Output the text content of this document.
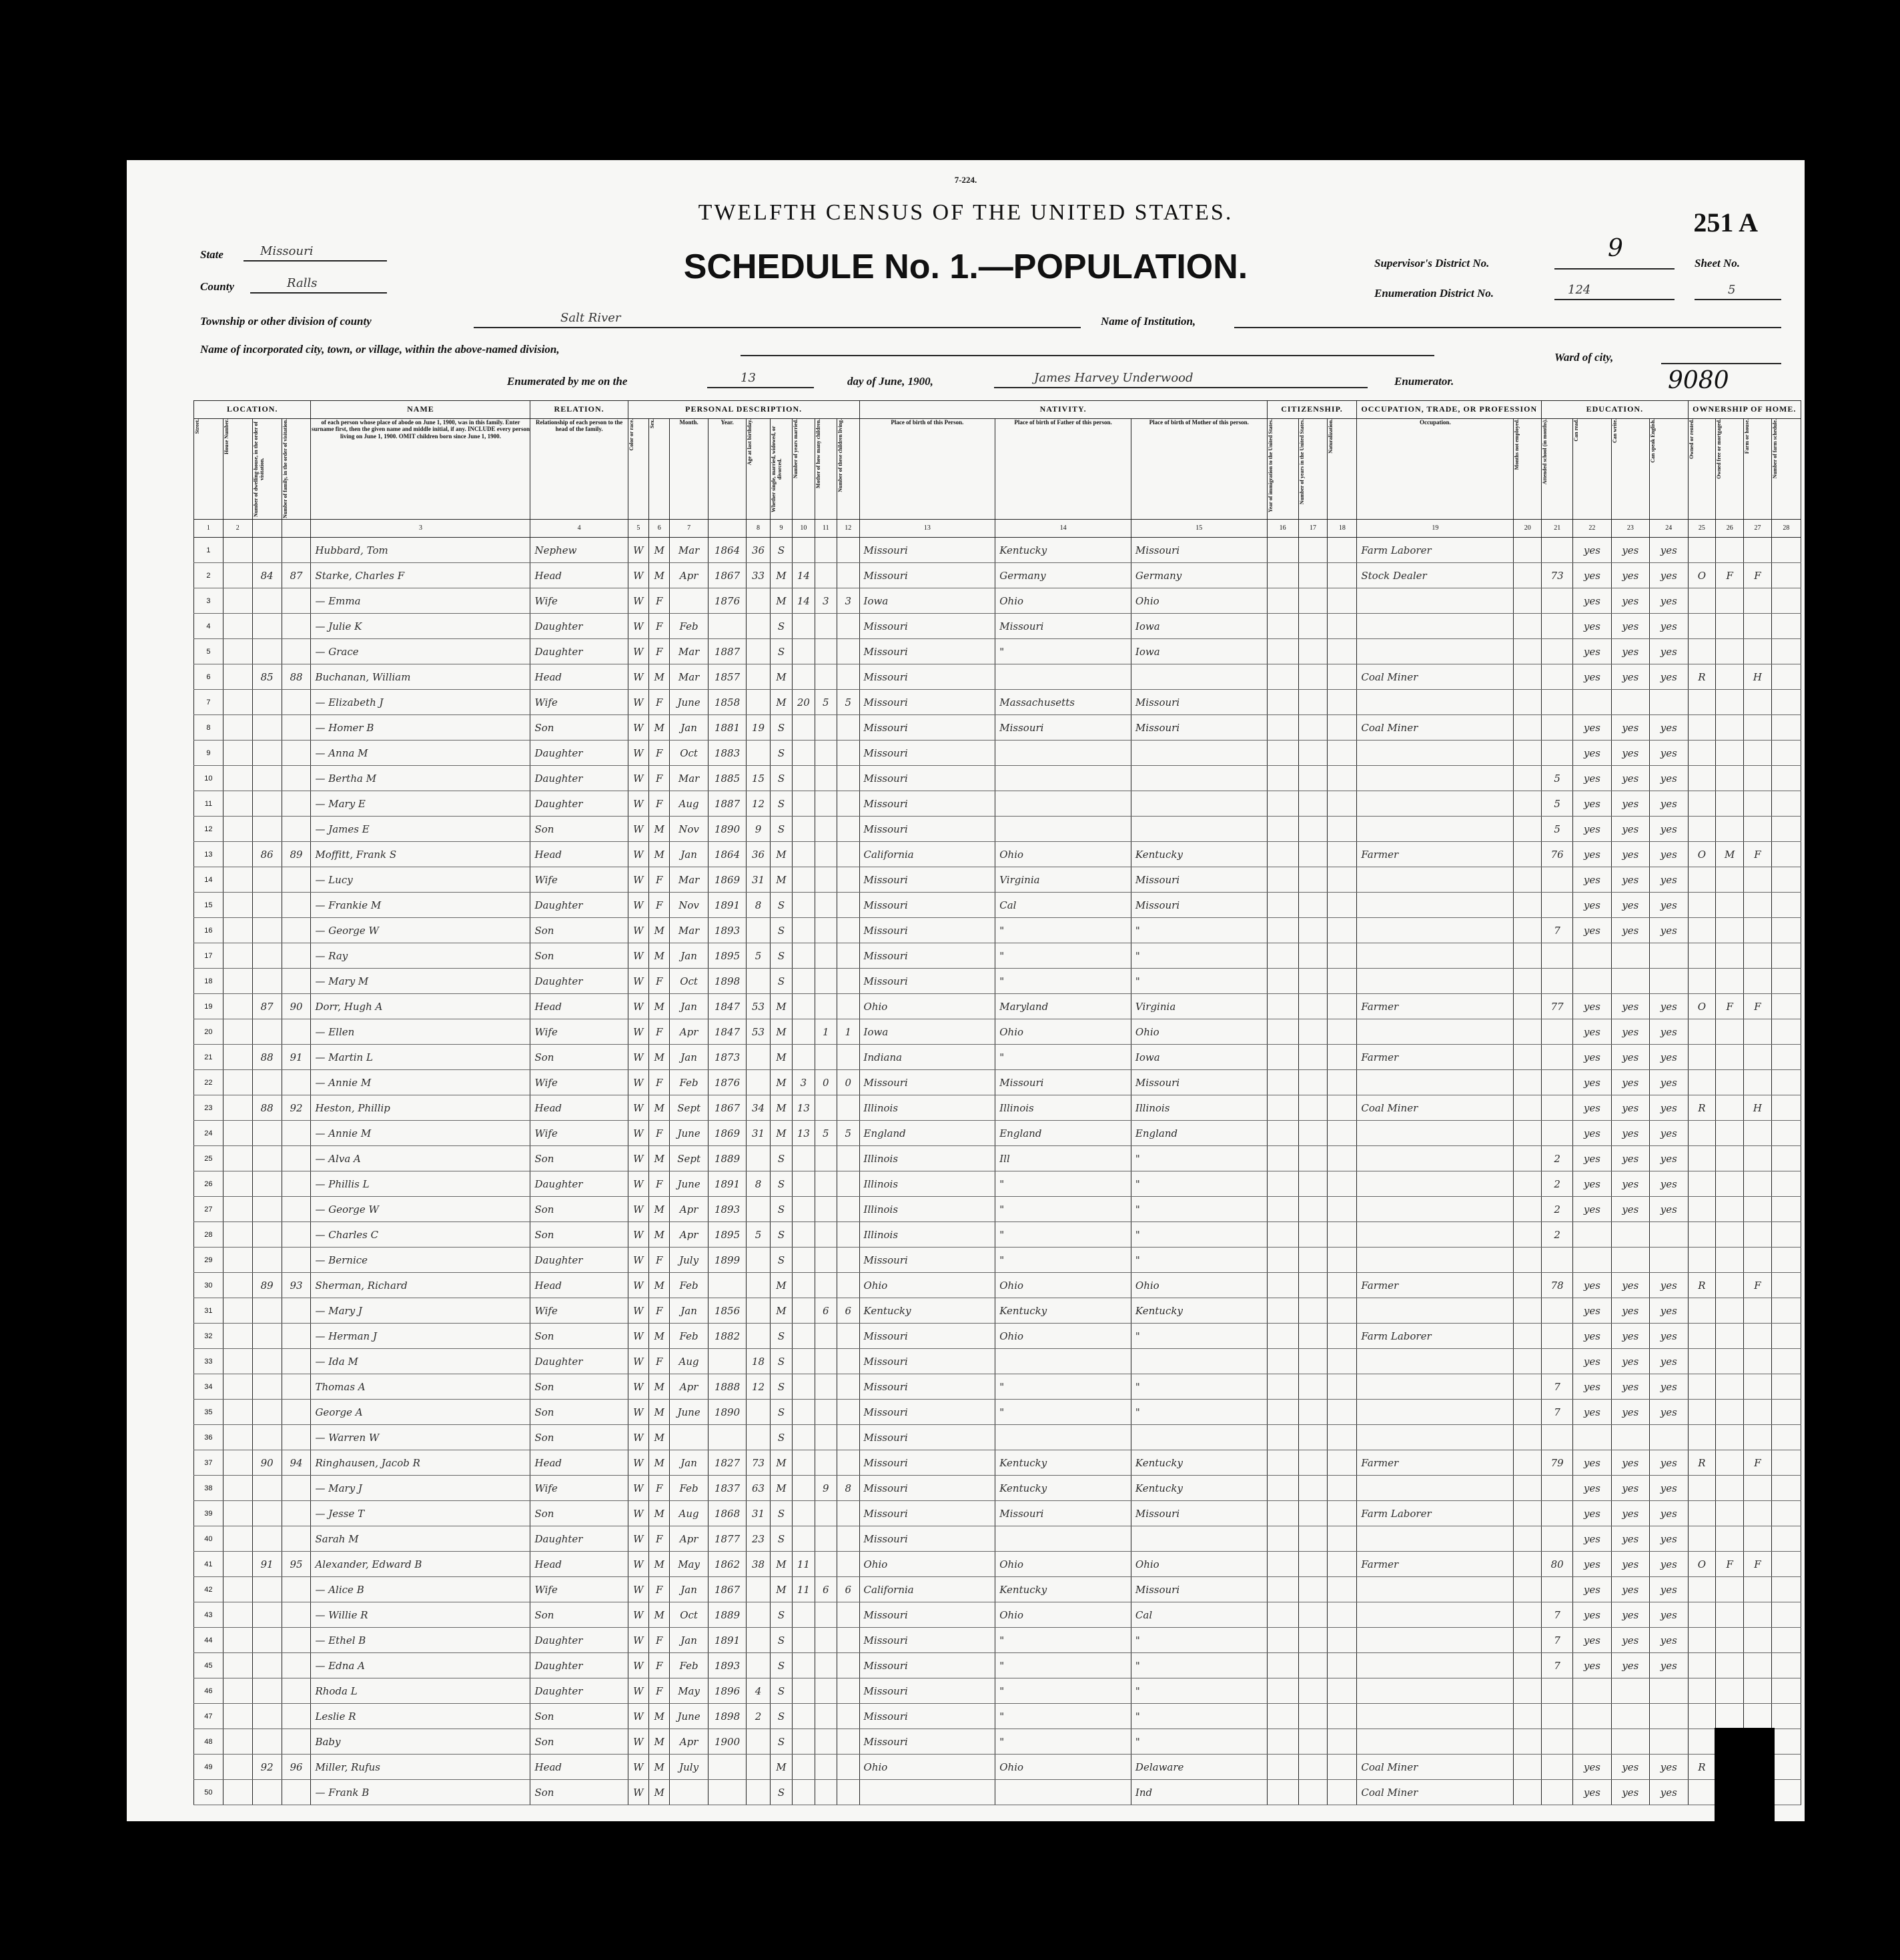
7-224.
TWELFTH CENSUS OF THE UNITED STATES.	251 A
SCHEDULE No. 1.—POPULATION.
State	Missouri
County	Ralls
Supervisor's District No.
9
Sheet No.
Enumeration District No.	124	5
Township or other division of county	Salt River	Name of Institution,
Name of incorporated city, town, or village, within the above-named division,
Ward of city,
Enumerated by me on the	13	day of June, 1900,	James Harvey Underwood	Enumerator.	9080
LOCATION.				NAME	RELATION.	PERSONAL DESCRIPTION.									NATIVITY.			CITIZENSHIP.			OCCUPATION, TRADE, OR PROFESSION		EDUCATION.				OWNERSHIP OF HOME.			

Street.	House Number.	Number of dwelling-house, in the order of visitation.	Number of family, in the order of visitation.	of each person whose place of abode on June 1, 1900, was in this family. Enter surname first, then the given name and middle initial, if any. INCLUDE every person living on June 1, 1900. OMIT children born since June 1, 1900.	Relationship of each person to the head of the family.	Color or race.	Sex.	Month.	Year.	Age at last birthday.	Whether single, married, widowed, or divorced.	Number of years married.	Mother of how many children.	Number of these children living.	Place of birth of this Person.	Place of birth of Father of this person.	Place of birth of Mother of this person.	Year of immigration to the United States.	Number of years in the United States.	Naturalization.	Occupation.	Months not employed.	Attended school (in months).	Can read.	Can write.	Can speak English.	Owned or rented.	Owned free or mortgaged.	Farm or house.	Number of farm schedule.

1	2			3	4	5	6	7		8	9	10	11	12	13	14	15	16	17	18	19	20	21	22	23	24	25	26	27	28
1				Hubbard, Tom	Nephew	W	M	Mar	1864	36	S				Missouri	Kentucky	Missouri				Farm Laborer			yes	yes	yes				
2		84	87	Starke, Charles F	Head	W	M	Apr	1867	33	M	14			Missouri	Germany	Germany				Stock Dealer		73	yes	yes	yes	O	F	F	
3				— Emma	Wife	W	F		1876		M	14	3	3	Iowa	Ohio	Ohio							yes	yes	yes				
4				— Julie K	Daughter	W	F	Feb			S				Missouri	Missouri	Iowa							yes	yes	yes				
5				— Grace	Daughter	W	F	Mar	1887		S				Missouri	"	Iowa							yes	yes	yes				
6		85	88	Buchanan, William	Head	W	M	Mar	1857		M				Missouri						Coal Miner			yes	yes	yes	R		H	
7				— Elizabeth J	Wife	W	F	June	1858		M	20	5	5	Missouri	Massachusetts	Missouri													
8				— Homer B	Son	W	M	Jan	1881	19	S				Missouri	Missouri	Missouri				Coal Miner			yes	yes	yes				
9				— Anna M	Daughter	W	F	Oct	1883		S				Missouri									yes	yes	yes				
10				— Bertha M	Daughter	W	F	Mar	1885	15	S				Missouri								5	yes	yes	yes				
11				— Mary E	Daughter	W	F	Aug	1887	12	S				Missouri								5	yes	yes	yes				
12				— James E	Son	W	M	Nov	1890	9	S				Missouri								5	yes	yes	yes				
13		86	89	Moffitt, Frank S	Head	W	M	Jan	1864	36	M				California	Ohio	Kentucky				Farmer		76	yes	yes	yes	O	M	F	
14				— Lucy	Wife	W	F	Mar	1869	31	M				Missouri	Virginia	Missouri							yes	yes	yes				
15				— Frankie M	Daughter	W	F	Nov	1891	8	S				Missouri	Cal	Missouri							yes	yes	yes				
16				— George W	Son	W	M	Mar	1893		S				Missouri	"	"						7	yes	yes	yes				
17				— Ray	Son	W	M	Jan	1895	5	S				Missouri	"	"													
18				— Mary M	Daughter	W	F	Oct	1898		S				Missouri	"	"													
19		87	90	Dorr, Hugh A	Head	W	M	Jan	1847	53	M				Ohio	Maryland	Virginia				Farmer		77	yes	yes	yes	O	F	F	
20				— Ellen	Wife	W	F	Apr	1847	53	M		1	1	Iowa	Ohio	Ohio							yes	yes	yes				
21		88	91	— Martin L	Son	W	M	Jan	1873		M				Indiana	"	Iowa				Farmer			yes	yes	yes				
22				— Annie M	Wife	W	F	Feb	1876		M	3	0	0	Missouri	Missouri	Missouri							yes	yes	yes				
23		88	92	Heston, Phillip	Head	W	M	Sept	1867	34	M	13			Illinois	Illinois	Illinois				Coal Miner			yes	yes	yes	R		H	
24				— Annie M	Wife	W	F	June	1869	31	M	13	5	5	England	England	England							yes	yes	yes				
25				— Alva A	Son	W	M	Sept	1889		S				Illinois	Ill	"						2	yes	yes	yes				
26				— Phillis L	Daughter	W	F	June	1891	8	S				Illinois	"	"						2	yes	yes	yes				
27				— George W	Son	W	M	Apr	1893		S				Illinois	"	"						2	yes	yes	yes				
28				— Charles C	Son	W	M	Apr	1895	5	S				Illinois	"	"						2							
29				— Bernice	Daughter	W	F	July	1899		S				Missouri	"	"													
30		89	93	Sherman, Richard	Head	W	M	Feb			M				Ohio	Ohio	Ohio				Farmer		78	yes	yes	yes	R		F	
31				— Mary J	Wife	W	F	Jan	1856		M		6	6	Kentucky	Kentucky	Kentucky							yes	yes	yes				
32				— Herman J	Son	W	M	Feb	1882		S				Missouri	Ohio	"				Farm Laborer			yes	yes	yes				
33				— Ida M	Daughter	W	F	Aug		18	S				Missouri									yes	yes	yes				
34				Thomas A	Son	W	M	Apr	1888	12	S				Missouri	"	"						7	yes	yes	yes				
35				George A	Son	W	M	June	1890		S				Missouri	"	"						7	yes	yes	yes				
36				— Warren W	Son	W	M				S				Missouri															
37		90	94	Ringhausen, Jacob R	Head	W	M	Jan	1827	73	M				Missouri	Kentucky	Kentucky				Farmer		79	yes	yes	yes	R		F	
38				— Mary J	Wife	W	F	Feb	1837	63	M		9	8	Missouri	Kentucky	Kentucky							yes	yes	yes				
39				— Jesse T	Son	W	M	Aug	1868	31	S				Missouri	Missouri	Missouri				Farm Laborer			yes	yes	yes				
40				Sarah M	Daughter	W	F	Apr	1877	23	S				Missouri									yes	yes	yes				
41		91	95	Alexander, Edward B	Head	W	M	May	1862	38	M	11			Ohio	Ohio	Ohio				Farmer		80	yes	yes	yes	O	F	F	
42				— Alice B	Wife	W	F	Jan	1867		M	11	6	6	California	Kentucky	Missouri							yes	yes	yes				
43				— Willie R	Son	W	M	Oct	1889		S				Missouri	Ohio	Cal						7	yes	yes	yes				
44				— Ethel B	Daughter	W	F	Jan	1891		S				Missouri	"	"						7	yes	yes	yes				
45				— Edna A	Daughter	W	F	Feb	1893		S				Missouri	"	"						7	yes	yes	yes				
46				Rhoda L	Daughter	W	F	May	1896	4	S				Missouri	"	"													
47				Leslie R	Son	W	M	June	1898	2	S				Missouri	"	"													
48				Baby	Son	W	M	Apr	1900		S				Missouri	"	"													
49		92	96	Miller, Rufus	Head	W	M	July			M				Ohio	Ohio	Delaware				Coal Miner			yes	yes	yes	R			
50				— Frank B	Son	W	M				S						Ind				Coal Miner			yes	yes	yes				
